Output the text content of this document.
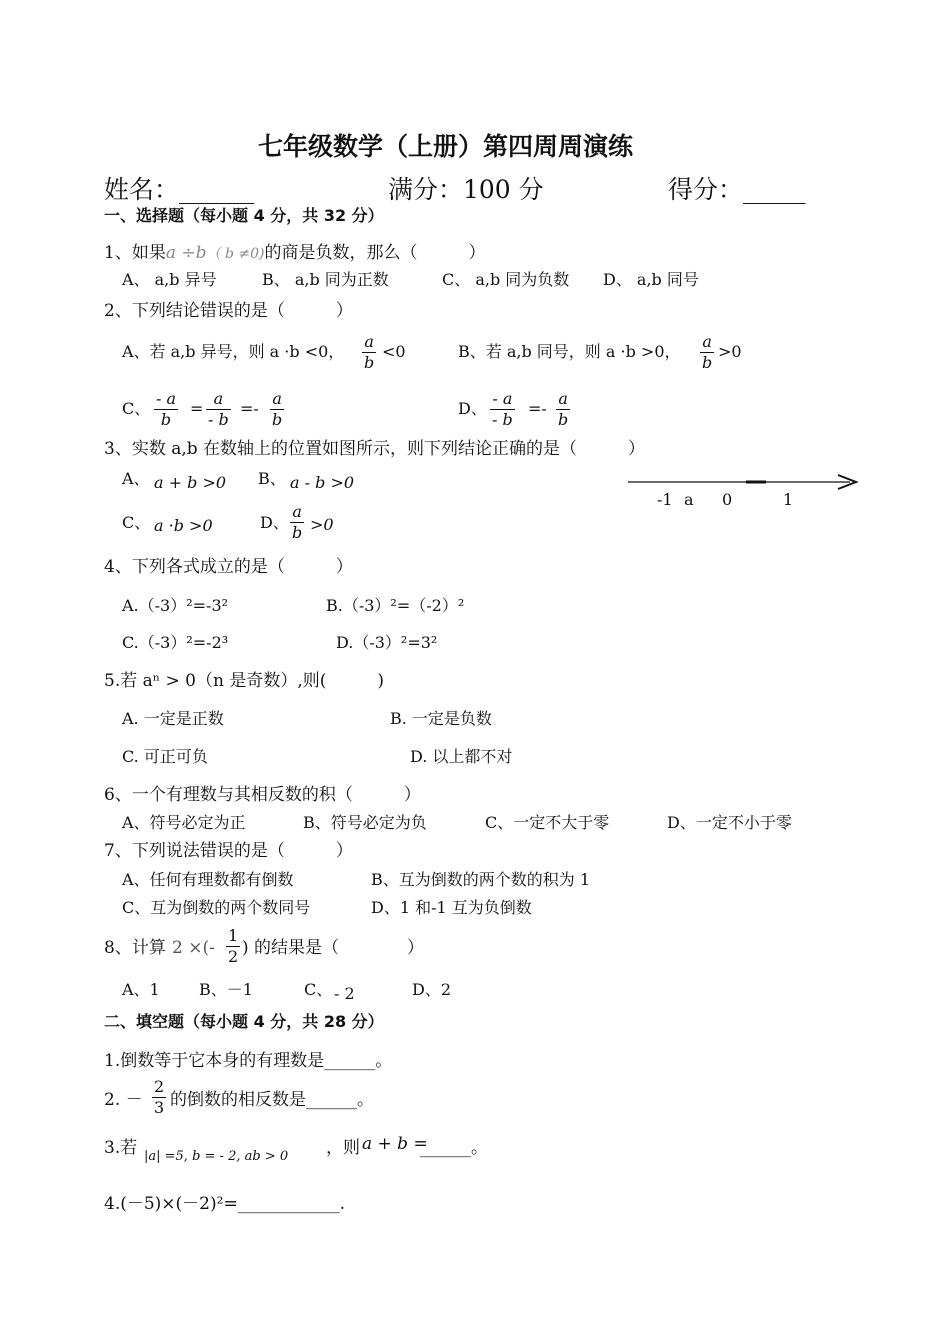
七年级数学（上册）第四周周演练
姓名：______	满分：100 分	得分：_____
一、选择题（每小题 4 分，共 32 分）
1、如果a ÷b（ b ≠0)的商是负数，那么（　　　）
A、 a,b 异号	B、 a,b 同为正数	C、 a,b 同为负数 D、 a,b 同号
2、下列结论错误的是（　　　）
A、若 a,b 异号，则 a ·b <0，
a
b
<0	B、若 a,b 同号，则 a ·b >0，
a
b
>0
C、
- a
b
=
a
- b
=-
a
b
D、
- a
- b
=-
a
b
3、实数 a,b 在数轴上的位置如图所示，则下列结论正确的是（　　　）
A、 a + b >0 B、 a - b >0
C、 a ·b >0	D、
a
b >0
-1 a 0	1
4、下列各式成立的是（　　　）
A.（-3）²=-3²	B.（-3）²=（-2）²
C.（-3）²=-2³	D.（-3）²=3²
5.若 aⁿ > 0（n 是奇数）,则(　　　)
A. 一定是正数	B. 一定是负数
C. 可正可负	D. 以上都不对
6、一个有理数与其相反数的积（　　　）
A、符号必定为正	B、符号必定为负	C、一定不大于零	D、一定不小于零
7、下列说法错误的是（　　　）
A、任何有理数都有倒数	B、互为倒数的两个数的积为 1
C、互为倒数的两个数同号	D、1 和-1 互为负倒数
8、计算 2 ×(-
1
2 ) 的结果是（　　　　）
A、1 B、－1	C、 - 2	D、2
二、填空题（每小题 4 分，共 28 分）
1.倒数等于它本身的有理数是______。
2. －
2
3 的倒数的相反数是______。
3.若 |a| =5, b = - 2, ab > 0 ，则 a + b =
______。
4.(－5)×(－2)²=____________.
